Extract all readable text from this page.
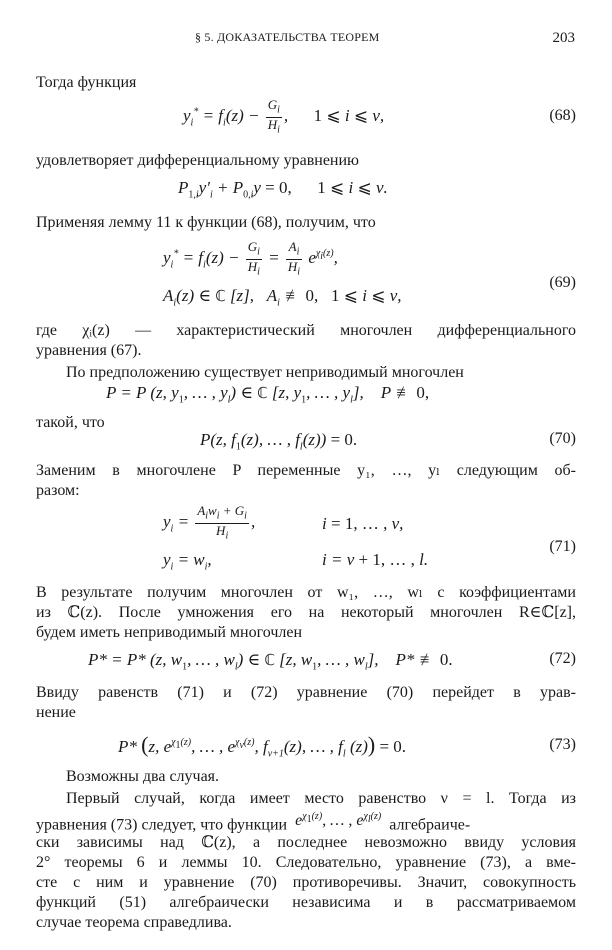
§ 5. ДОКАЗАТЕЛЬСТВА ТЕОРЕМ	203
Тогда функция
$y_i^* = f_i(z) - \frac{G_i}{H_i}$ ,      1 ⩽ i ⩽ ν,	(68)
удовлетворяет дифференциальному уравнению
$P_{1,i}y'_i + P_{0,i}y = 0$, 1 ⩽ i ⩽ ν.
Применяя лемму 11 к функции (68), получим, что
$y_i^* = f_i(z) - \frac{G_i}{H_i} = \frac{A_i}{H_i} e^{\chi_i(z)}$,
$A_i(z)$ ∈ ℂ [z],   $A_i$ ≢ 0, 1 ⩽ i ⩽ ν,
(69)
где χᵢ(z) — характеристический многочлен дифференциального
уравнения (67).
По предположению существует неприводимый многочлен
P = P (z, $y_1$, … , $y_l$) ∈ ℂ [z, $y_1$, … , $y_l$],    P ≢ 0,
такой, что
P(z, $f_1(z)$, … , $f_l(z)) = 0$.	(70)
Заменим в многочлене P переменные y₁, …, yₗ следующим об-
разом:
$y_i = \frac{A_iw_i + G_i}{H_i}$ ,	i = 1, … , ν,
$y_i = w_i$,	i = ν + 1, … , l.
(71)
В результате получим многочлен от w₁, …, wₗ с коэффициентами
из ℂ(z). После умножения его на некоторый многочлен R∈ℂ[z],
будем иметь неприводимый многочлен
P* = P* (z, $w_1$, … , $w_l$) ∈ ℂ [z, $w_1$, … , $w_l$],    P* ≢ 0.	(72)
Ввиду равенств (71) и (72) уравнение (70) перейдет в урав-
нение
P* (z, $e^{\chi_1(z)}$, … , $e^{\chi_\nu(z)}$, $f_{\nu+1}(z)$, … , $f_l$ (z)) = 0.	(73)
Возможны два случая.
Первый случай, когда имеет место равенство ν = l. Тогда из
уравнения (73) следует, что функции  $e^{\chi_1(z)}$, … , $e^{\chi_l(z)}$ алгебраиче-
ски зависимы над ℂ(z), а последнее невозможно ввиду условия
2° теоремы 6 и леммы 10. Следовательно, уравнение (73), а вме-
сте с ним и уравнение (70) противоречивы. Значит, совокупность
функций (51) алгебраически независима и в рассматриваемом
случае теорема справедлива.
